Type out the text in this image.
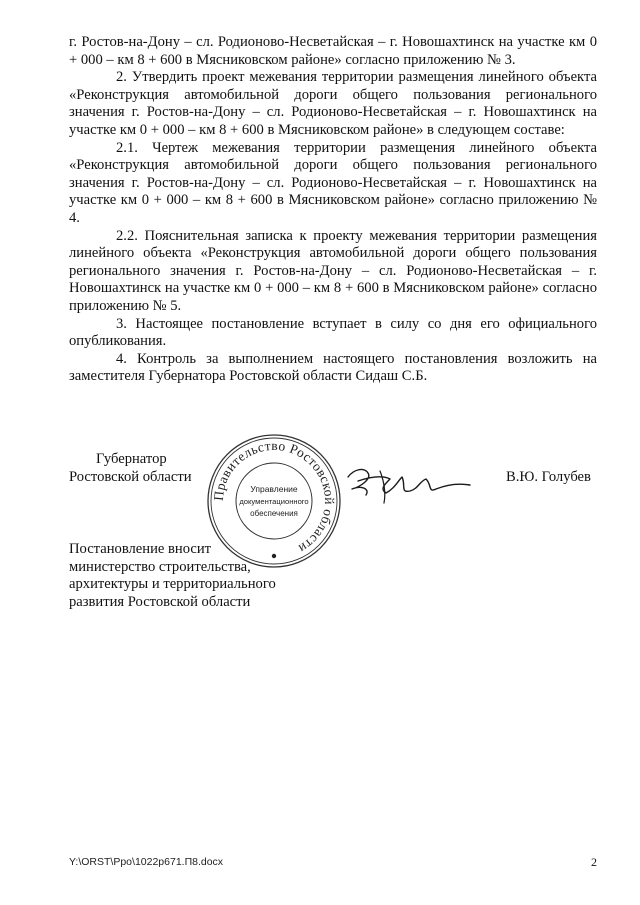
г. Ростов-на-Дону – сл. Родионово-Несветайская – г. Новошахтинск на участке км 0 + 000 – км 8 + 600 в Мясниковском районе» согласно приложению № 3.

2. Утвердить проект межевания территории размещения линейного объекта «Реконструкция автомобильной дороги общего пользования регионального значения г. Ростов-на-Дону – сл. Родионово-Несветайская – г. Новошахтинск на участке км 0 + 000 – км 8 + 600 в Мясниковском районе» в следующем составе:

2.1. Чертеж межевания территории размещения линейного объекта «Реконструкция автомобильной дороги общего пользования регионального значения г. Ростов-на-Дону – сл. Родионово-Несветайская – г. Новошахтинск на участке км 0 + 000 – км 8 + 600 в Мясниковском районе» согласно приложению № 4.

2.2. Пояснительная записка к проекту межевания территории размещения линейного объекта «Реконструкция автомобильной дороги общего пользования регионального значения г. Ростов-на-Дону – сл. Родионово-Несветайская – г. Новошахтинск на участке км 0 + 000 – км 8 + 600 в Мясниковском районе» согласно приложению № 5.

3. Настоящее постановление вступает в силу со дня его официального опубликования.

4. Контроль за выполнением настоящего постановления возложить на заместителя Губернатора Ростовской области Сидаш С.Б.

Губернатор
Ростовской области
Правительство Ростовской области
Управление
документационного
обеспечения
В.Ю. Голубев
Постановление вносит
министерство строительства,
архитектуры и территориального
развития Ростовской области
Y:\ORST\Ppo\1022p671.П8.docx	2
